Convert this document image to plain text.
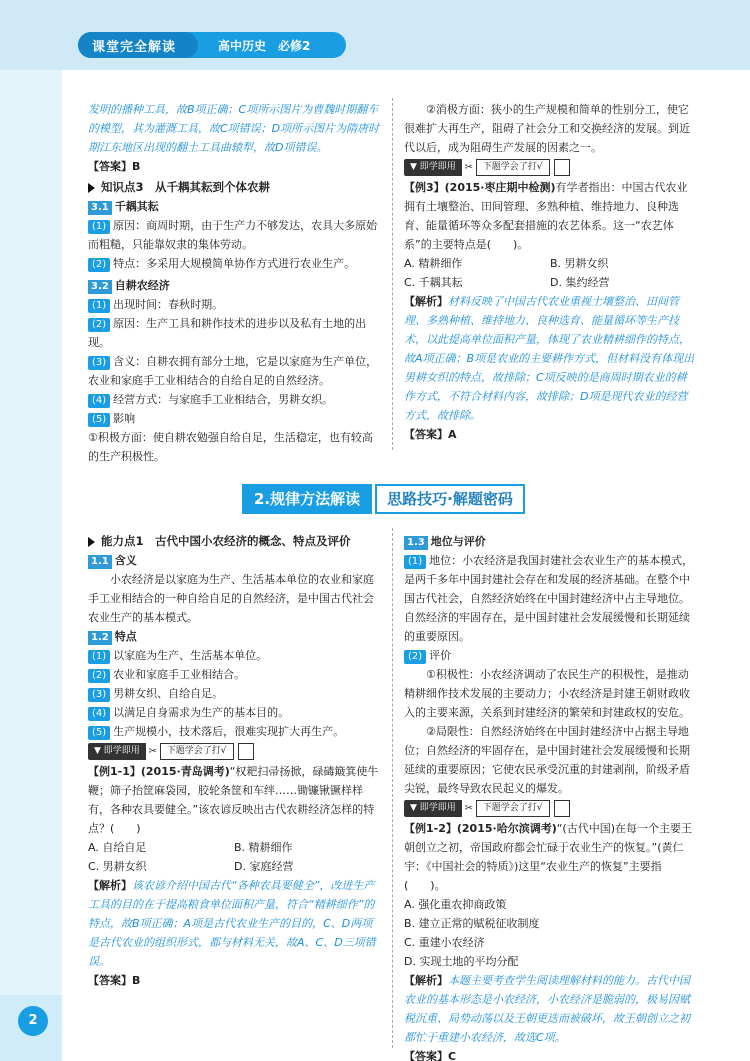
课堂完全解读	高中历史　必修2

发明的播种工具，故B项正确；C项所示图片为曹魏时期翻车的模型，其为灌溉工具，故C项错误；D项所示图片为隋唐时期江东地区出现的翻土工具曲辕犁，故D项错误。

【答案】B

知识点3　从千耦其耘到个体农耕

3.1 千耦其耘

(1) 原因：商周时期，由于生产力不够发达，农具大多原始而粗糙，只能靠奴隶的集体劳动。

(2) 特点：多采用大规模简单协作方式进行农业生产。

3.2 自耕农经济

(1) 出现时间：春秋时期。

(2) 原因：生产工具和耕作技术的进步以及私有土地的出现。

(3) 含义：自耕农拥有部分土地，它是以家庭为生产单位，农业和家庭手工业相结合的自给自足的自然经济。

(4) 经营方式：与家庭手工业相结合，男耕女织。

(5) 影响

①积极方面：使自耕农勉强自给自足，生活稳定，也有较高的生产积极性。

②消极方面：狭小的生产规模和简单的性别分工，使它很难扩大再生产，阻碍了社会分工和交换经济的发展。到近代以后，成为阻碍生产发展的因素之一。

▼ 即学即用 ✂	下题学会了打√

【例3】(2015·枣庄期中检测)有学者指出：中国古代农业拥有土壤整治、田间管理、多熟种植、维持地力、良种选育、能量循环等众多配套措施的农艺体系。这一“农艺体系”的主要特点是(　　)。

A. 精耕细作	B. 男耕女织
C. 千耦其耘	D. 集约经营

【解析】材料反映了中国古代农业重视土壤整治、田间管理、多熟种植、维持地力、良种选育、能量循环等生产技术，以此提高单位面积产量，体现了农业精耕细作的特点，故A项正确；B项是农业的主要耕作方式，但材料没有体现出男耕女织的特点，故排除；C项反映的是商周时期农业的耕作方式，不符合材料内容，故排除；D项是现代农业的经营方式，故排除。

【答案】A

2.规律方法解读	思路技巧·解题密码

能力点1　古代中国小农经济的概念、特点及评价

1.1 含义

小农经济是以家庭为生产、生活基本单位的农业和家庭手工业相结合的一种自给自足的自然经济，是中国古代社会农业生产的基本模式。

1.2 特点

(1) 以家庭为生产、生活基本单位。

(2) 农业和家庭手工业相结合。

(3) 男耕女织、自给自足。

(4) 以满足自身需求为生产的基本目的。

(5) 生产规模小，技术落后，很难实现扩大再生产。

▼ 即学即用 ✂	下题学会了打√

【例1-1】(2015·青岛调考)“权耙扫帚扬掀，碌碡簸箕使牛鞭；筛子抬筐麻袋园，胶轮条筐和车绊……锄镰锹镢样样有，各种农具要健全。”该农谚反映出古代农耕经济怎样的特点？(　　)

A. 自给自足	B. 精耕细作
C. 男耕女织	D. 家庭经营

【解析】该农谚介绍中国古代“各种农具要健全”，改进生产工具的目的在于提高粮食单位面积产量，符合“精耕细作”的特点，故B项正确；A项是古代农业生产的目的，C、D两项是古代农业的组织形式，都与材料无关，故A、C、D三项错误。

【答案】B

1.3 地位与评价

(1) 地位：小农经济是我国封建社会农业生产的基本模式，是两千多年中国封建社会存在和发展的经济基础。在整个中国古代社会，自然经济始终在中国封建经济中占主导地位。自然经济的牢固存在，是中国封建社会发展缓慢和长期延续的重要原因。

(2) 评价

①积极性：小农经济调动了农民生产的积极性，是推动精耕细作技术发展的主要动力；小农经济是封建王朝财政收入的主要来源，关系到封建经济的繁荣和封建政权的安危。

②局限性：自然经济始终在中国封建经济中占据主导地位；自然经济的牢固存在，是中国封建社会发展缓慢和长期延续的重要原因；它使农民承受沉重的封建剥削，阶级矛盾尖锐，最终导致农民起义的爆发。

▼ 即学即用 ✂	下题学会了打√

【例1-2】(2015·哈尔滨调考)“(古代中国)在每一个主要王朝创立之初，帝国政府都会忙碌于农业生产的恢复。”(黄仁宇：《中国社会的特质》)这里“农业生产的恢复”主要指(　　)。

A. 强化重农抑商政策

B. 建立正常的赋税征收制度

C. 重建小农经济

D. 实现土地的平均分配

【解析】本题主要考查学生阅读理解材料的能力。古代中国农业的基本形态是小农经济，小农经济是脆弱的，极易因赋税沉重、局势动荡以及王朝更迭而被破坏，故王朝创立之初都忙于重建小农经济，故选C项。

【答案】C

2
